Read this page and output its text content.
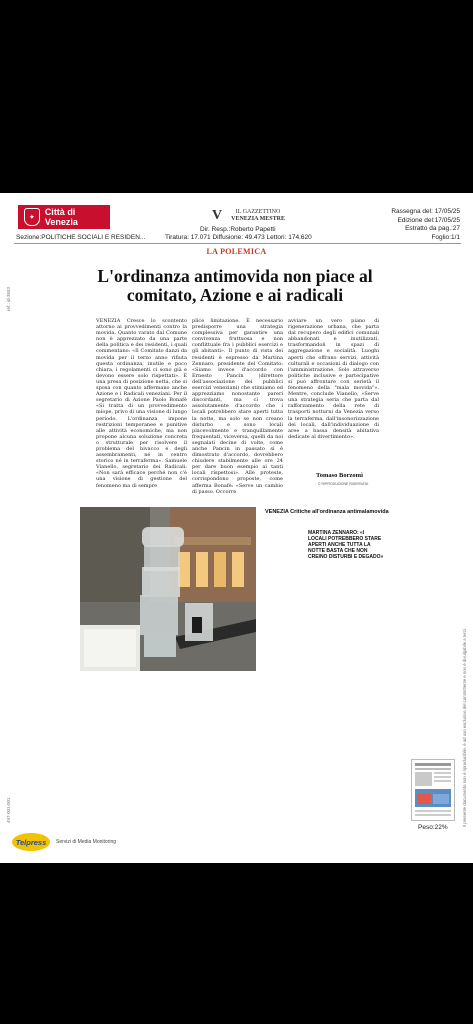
✦
Città di Venezia	V	IL GAZZETTINO
VENEZIA MESTRE
Dir. Resp.:Roberto Papetti
Sezione:POLITICHE SOCIALI E RESIDEN...	Tiratura: 17.071 Diffusione: 49.473 Lettori: 174.620
Rassegna del: 17/05/25
Edizione del:17/05/25
Estratto da pag.:27
Foglio:1/1
ref.: id-3653
497-001-001	Il presente documento non è riproducibile, è ad uso esclusivo del committente e non è divulgabile a terzi.
LA POLEMICA
L'ordinanza antimovida non piace al comitato, Azione e ai radicali
VENEZIA Cresce lo scontento attorno ai provvedimenti contro la movida. Quanto varato dal Comune non è apprezzato da una parte della politica e dei residenti, i quali commentano: «Il Comitato danzi da movida per il terzo anno rifiuta questa ordinanza, inutile e poco chiara, i regolamenti ci sono già e devono essere solo rispettati». È una presa di posizione netta, che si sposa con quanto affermano anche Azione e i Radicali veneziani. Per il segretario di Azione Paolo Bonafè «Si tratta di un provvedimento miope, privo di una visione di lungo periodo. L'ordinanza impone restrizioni temporanee e punitive alle attività economiche, ma non propone alcuna soluzione concreta o strutturale per risolvere il problema del bivacco e degli assembramenti, né in centro storico né in terraferma». Samuele Vianello, segretario dei Radicali: «Non sarà efficace perché non c'è una visione di gestione del fenomeno ma di sempre
plice limitazione. È necessario predisporre una strategia complessiva per garantire una convivenza fruttuosa e non conflittuale fra i pubblici esercizi e gli abitanti». Il punto di vista dei residenti è espresso da Martina Zennaro, presidente del Comitato: «Siamo invece d'accordo con Ernesto Pancin (direttore dell'associazione dei pubblici esercizi veneziani) che stimiamo ed apprezziamo nonostante pareri discordanti, ma ci trova assolutamente d'accordo che i locali potrebbero stare aperti tutta la notte, ma solo se non creano disturbo e sono locali piacevolmente e tranquillamente frequentati, viceversa, quelli da noi segnalati decine di volte, come anche Pancin in passato si è dimostrato d'accordo, dovrebbero chiudere stabilmente alle ore 24 per dare buon esempio ai tanti locali rispettosi». Alle proteste, corrispondono proposte, come afferma Bonafè: «Serve un cambio di passo. Occorre
avviare un vero piano di rigenerazione urbana, che parta dal recupero degli edifici comunali abbandonati e inutilizzati, trasformandoli in spazi di aggregazione e socialità. Luoghi aperti che offrano servizi, attività culturali e occasioni di dialogo con l'amministrazione. Solo attraverso politiche inclusive e partecipative si può affrontare con serietà il fenomeno della "mala movida"». Mentre, conclude Vianello, «Serve una strategia seria che parta dal rafforzamento della rete di trasporti notturni da Venezia verso la terraferma, dall'insonorizzazione dei locali, dall'individuazione di aree a bassa densità abitativa dedicate al divertimento».
Tomaso Borzomì
© RIPRODUZIONE RISERVATA
MARTINA ZENNARO: «I LOCALI POTREBBERO STARE APERTI ANCHE TUTTA LA NOTTE BASTA CHE NON CREINO DISTURBI E DEGADO»
VENEZIA Critiche all'ordinanza antimalamovida
Peso:22%
Telpress	Servizi di Media Monitoring
